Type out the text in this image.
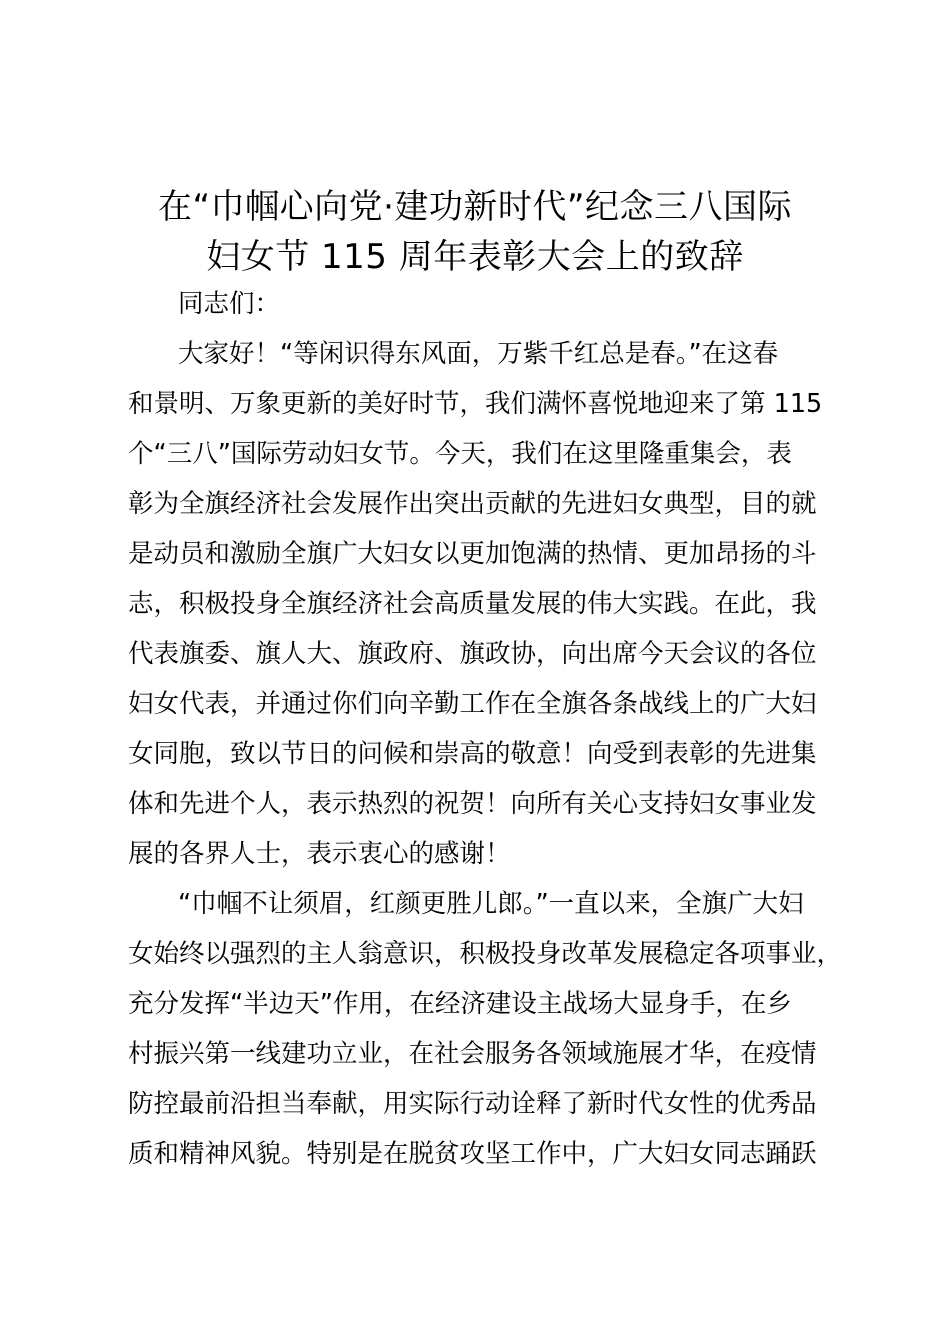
在“巾帼心向党·建功新时代”纪念三八国际
妇女节 115 周年表彰大会上的致辞
同志们：
大家好！“等闲识得东风面，万紫千红总是春。”在这春
和景明、万象更新的美好时节，我们满怀喜悦地迎来了第 115
个“三八”国际劳动妇女节。今天，我们在这里隆重集会，表
彰为全旗经济社会发展作出突出贡献的先进妇女典型，目的就
是动员和激励全旗广大妇女以更加饱满的热情、更加昂扬的斗
志，积极投身全旗经济社会高质量发展的伟大实践。在此，我
代表旗委、旗人大、旗政府、旗政协，向出席今天会议的各位
妇女代表，并通过你们向辛勤工作在全旗各条战线上的广大妇
女同胞，致以节日的问候和崇高的敬意！向受到表彰的先进集
体和先进个人，表示热烈的祝贺！向所有关心支持妇女事业发
展的各界人士，表示衷心的感谢！
“巾帼不让须眉，红颜更胜儿郎。”一直以来，全旗广大妇
女始终以强烈的主人翁意识，积极投身改革发展稳定各项事业，
充分发挥“半边天”作用，在经济建设主战场大显身手，在乡
村振兴第一线建功立业，在社会服务各领域施展才华，在疫情
防控最前沿担当奉献，用实际行动诠释了新时代女性的优秀品
质和精神风貌。特别是在脱贫攻坚工作中，广大妇女同志踊跃
